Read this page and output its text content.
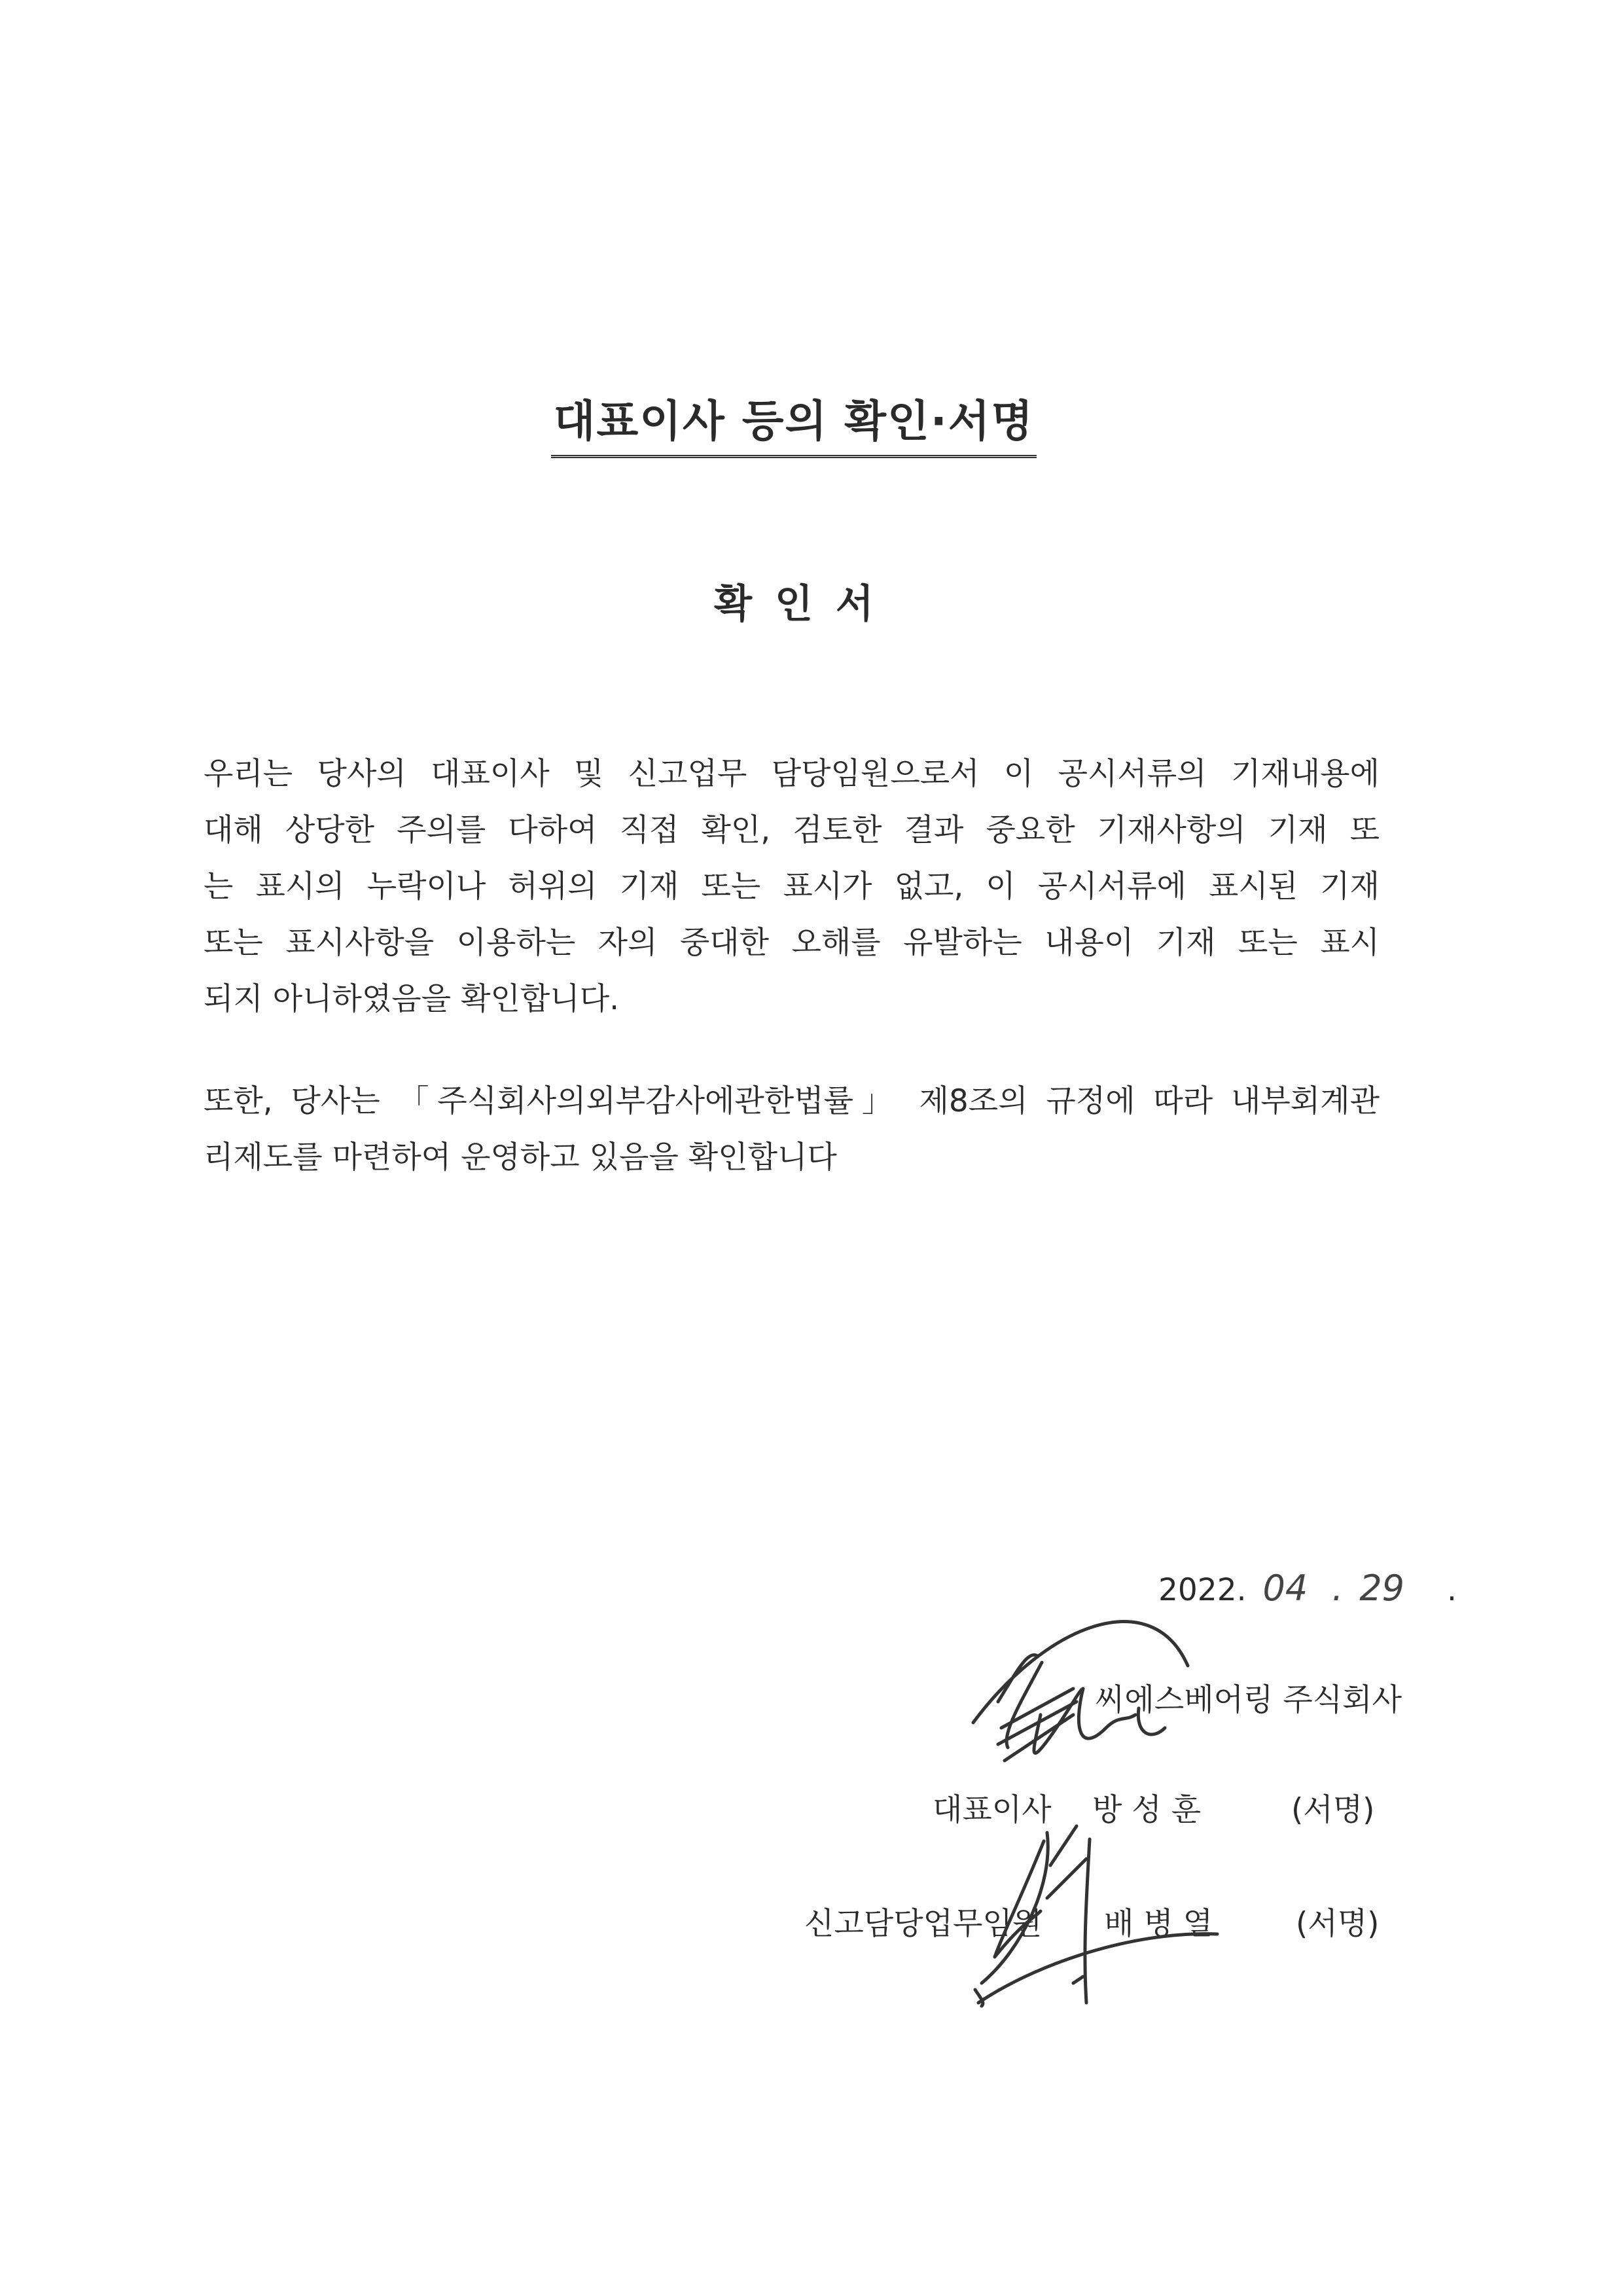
대표이사 등의 확인·서명
확 인 서
우리는 당사의 대표이사 및 신고업무 담당임원으로서 이 공시서류의 기재내용에
대해 상당한 주의를 다하여 직접 확인, 검토한 결과 중요한 기재사항의 기재 또
는 표시의 누락이나 허위의 기재 또는 표시가 없고, 이 공시서류에 표시된 기재
또는 표시사항을 이용하는 자의 중대한 오해를 유발하는 내용이 기재 또는 표시
되지 아니하였음을 확인합니다.
또한, 당사는 「주식회사의외부감사에관한법률」 제8조의 규정에 따라 내부회계관
리제도를 마련하여 운영하고 있음을 확인합니다
2022. 04 . 29 .
씨에스베어링 주식회사
대표이사 방 성 훈	(서명)
신고담당업무임원 배 병 열	(서명)
